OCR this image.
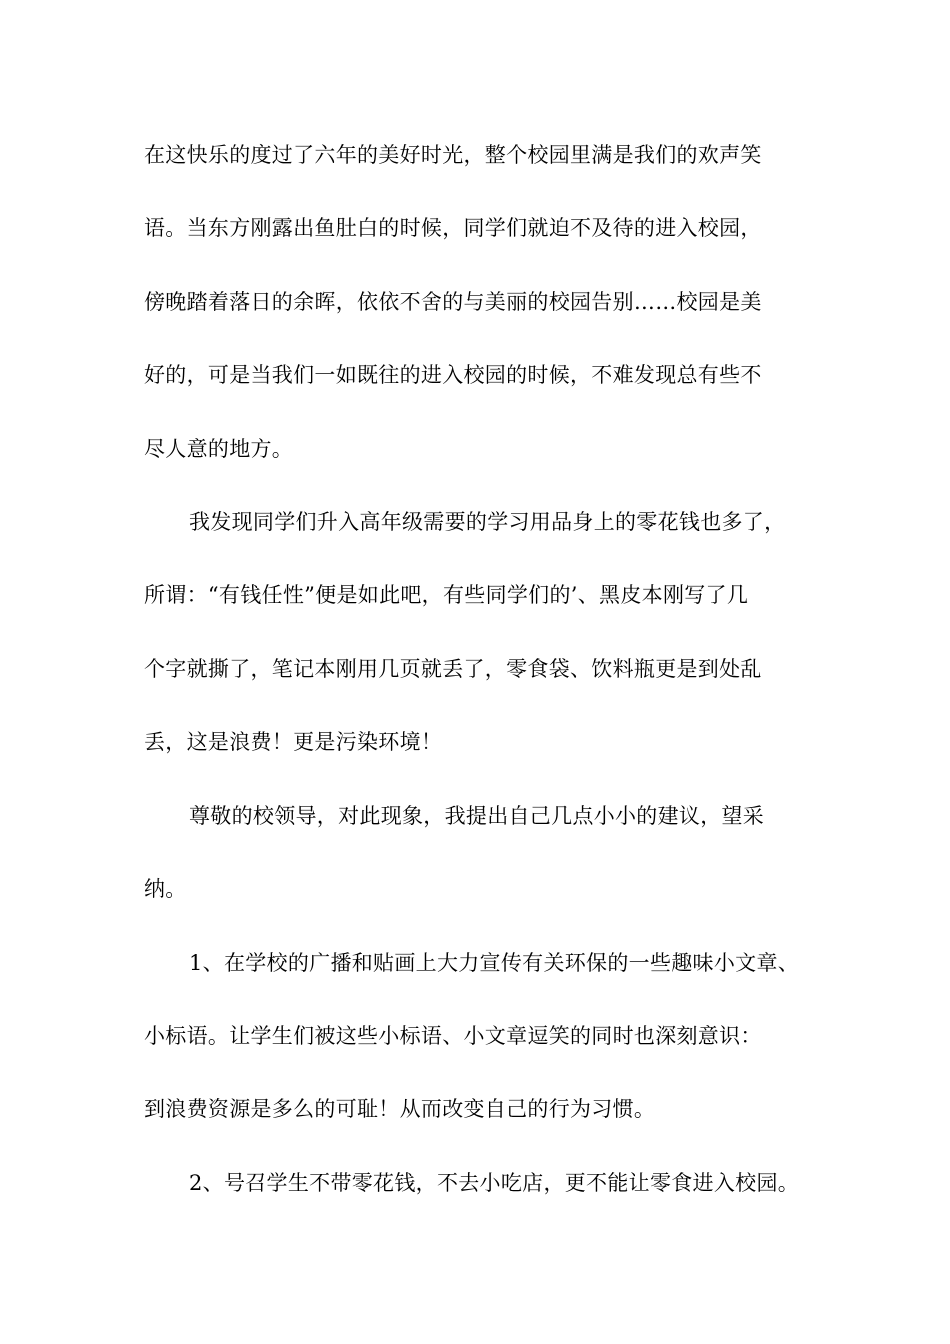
在这快乐的度过了六年的美好时光，整个校园里满是我们的欢声笑
语。当东方刚露出鱼肚白的时候，同学们就迫不及待的进入校园，
傍晚踏着落日的余晖，依依不舍的与美丽的校园告别……校园是美
好的，可是当我们一如既往的进入校园的时候，不难发现总有些不
尽人意的地方。
我发现同学们升入高年级需要的学习用品身上的零花钱也多了，
所谓：“有钱任性”便是如此吧，有些同学们的’、黑皮本刚写了几
个字就撕了，笔记本刚用几页就丢了，零食袋、饮料瓶更是到处乱
丢，这是浪费！更是污染环境！
尊敬的校领导，对此现象，我提出自己几点小小的建议，望采
纳。
1、在学校的广播和贴画上大力宣传有关环保的一些趣味小文章、
小标语。让学生们被这些小标语、小文章逗笑的同时也深刻意识：
到浪费资源是多么的可耻！从而改变自己的行为习惯。
2、号召学生不带零花钱，不去小吃店，更不能让零食进入校园。
